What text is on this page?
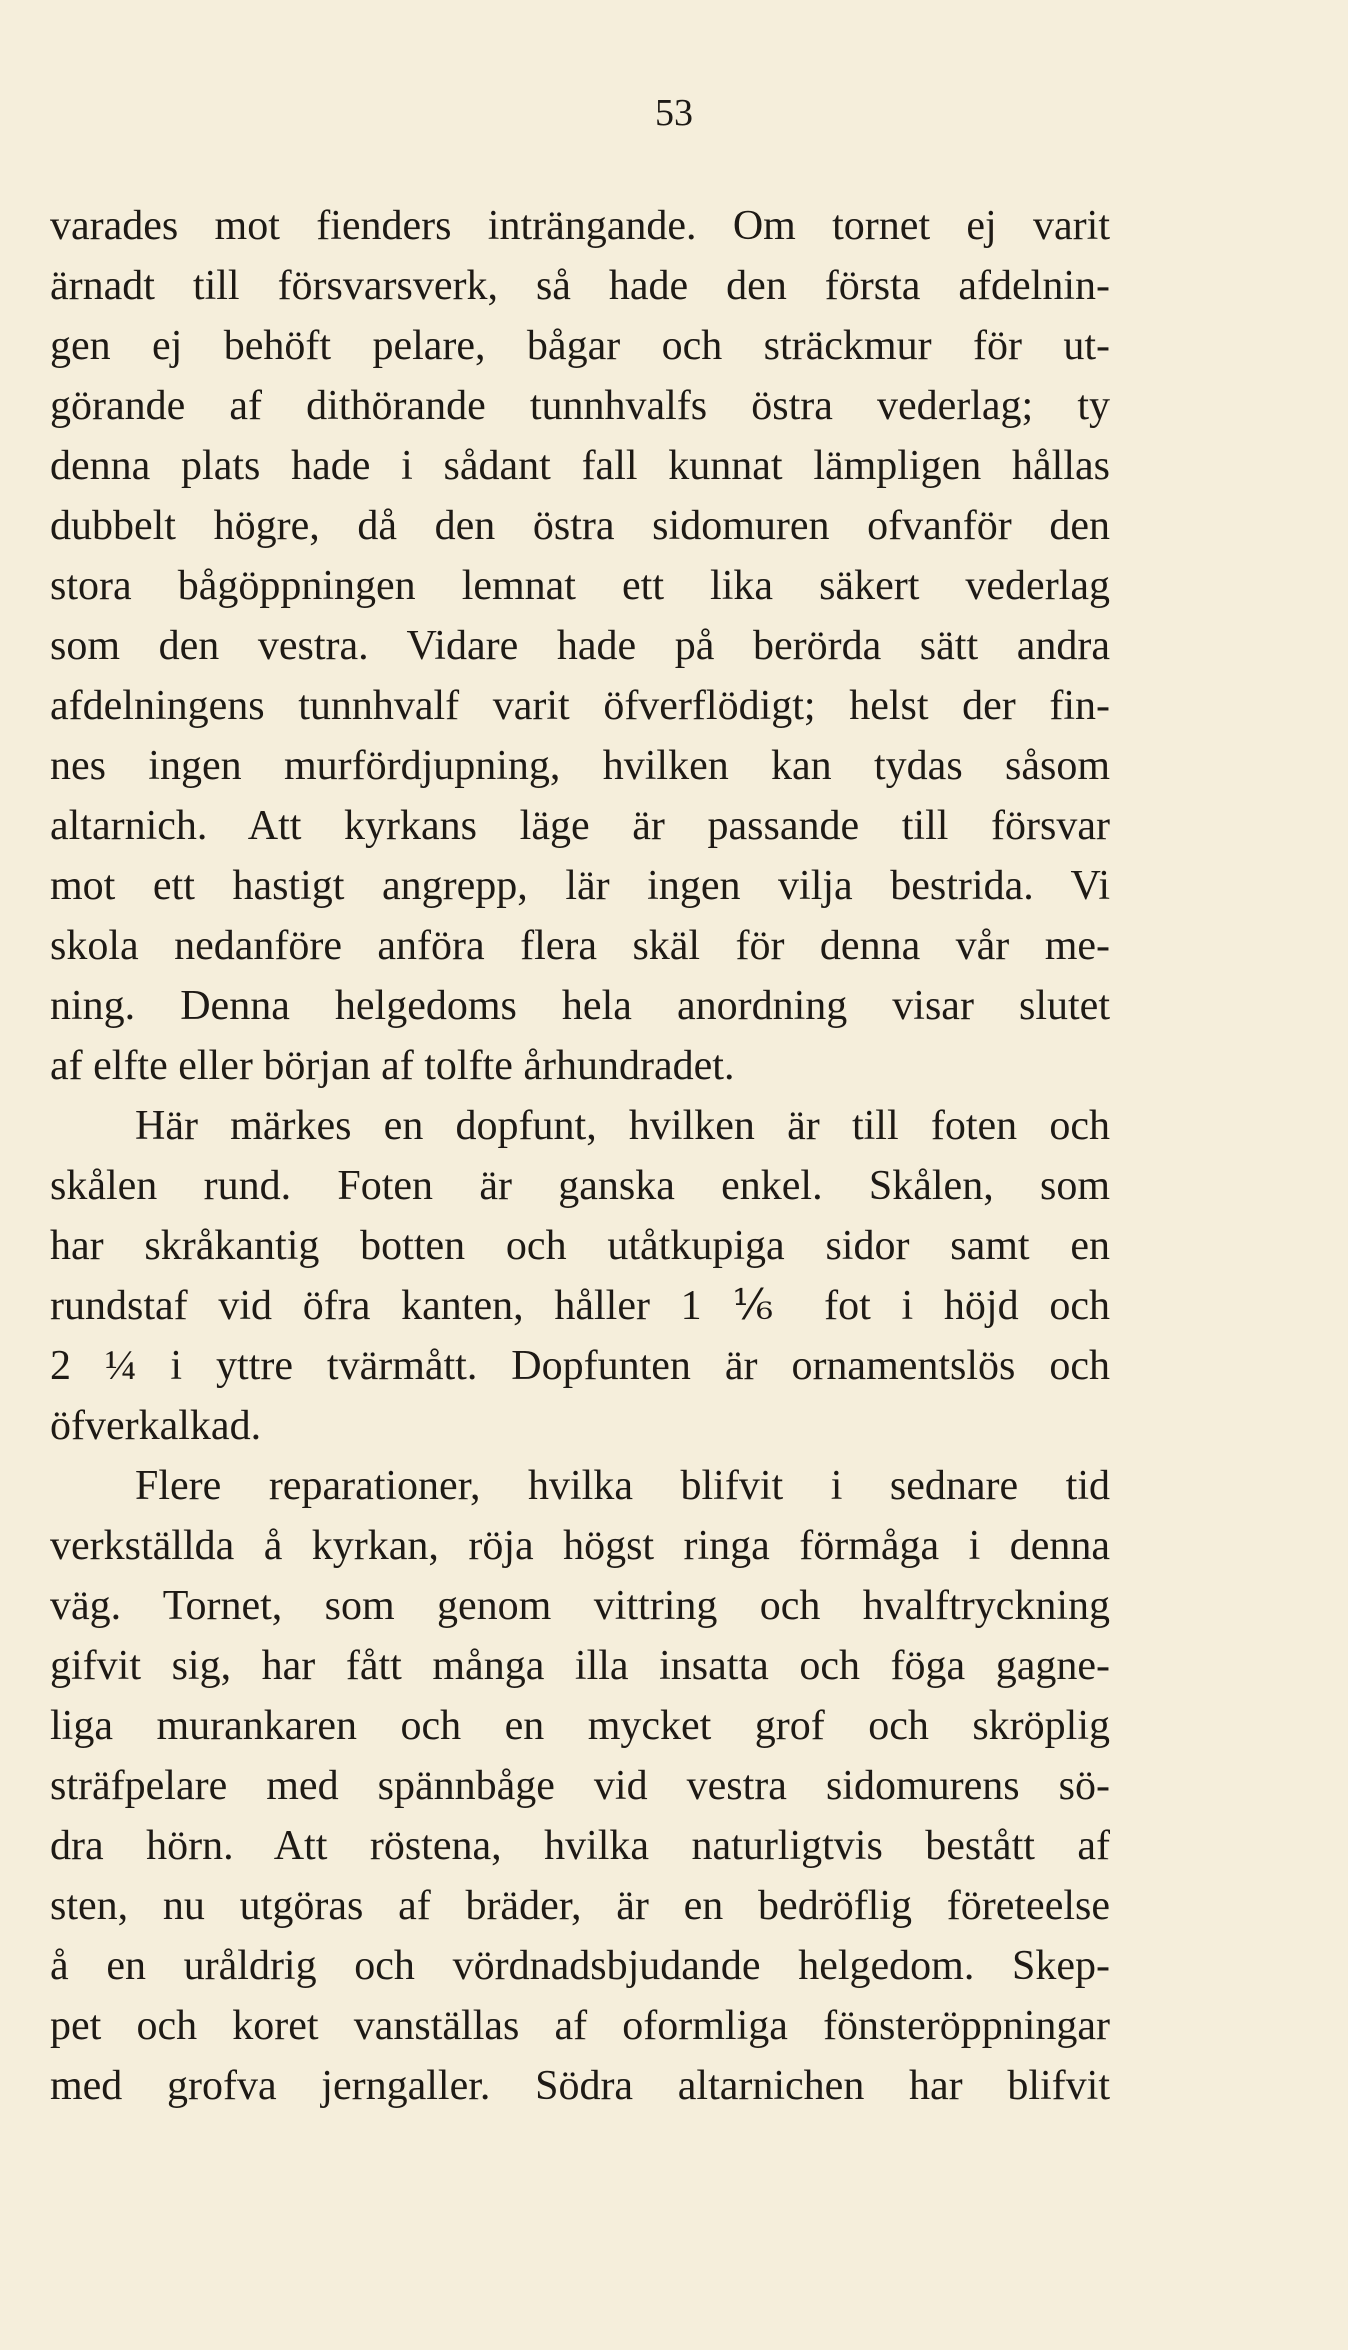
53
varades mot fienders inträngande. Om tornet ej varit
ärnadt till försvarsverk, så hade den första afdelnin-
gen ej behöft pelare, bågar och sträckmur för ut-
görande af dithörande tunnhvalfs östra vederlag; ty
denna plats hade i sådant fall kunnat lämpligen hållas
dubbelt högre, då den östra sidomuren ofvanför den
stora bågöppningen lemnat ett lika säkert vederlag
som den vestra. Vidare hade på berörda sätt andra
afdelningens tunnhvalf varit öfverflödigt; helst der fin-
nes ingen murfördjupning, hvilken kan tydas såsom
altarnich. Att kyrkans läge är passande till försvar
mot ett hastigt angrepp, lär ingen vilja bestrida. Vi
skola nedanföre anföra flera skäl för denna vår me-
ning. Denna helgedoms hela anordning visar slutet
af elfte eller början af tolfte århundradet.
Här märkes en dopfunt, hvilken är till foten och
skålen rund. Foten är ganska enkel. Skålen, som
har skråkantig botten och utåtkupiga sidor samt en
rundstaf vid öfra kanten, håller 1 ⅙ fot i höjd och
2 ¼ i yttre tvärmått. Dopfunten är ornamentslös och
öfverkalkad.
Flere reparationer, hvilka blifvit i sednare tid
verkställda å kyrkan, röja högst ringa förmåga i denna
väg. Tornet, som genom vittring och hvalftryckning
gifvit sig, har fått många illa insatta och föga gagne-
liga murankaren och en mycket grof och skröplig
sträfpelare med spännbåge vid vestra sidomurens sö-
dra hörn. Att röstena, hvilka naturligtvis bestått af
sten, nu utgöras af bräder, är en bedröflig företeelse
å en uråldrig och vördnadsbjudande helgedom. Skep-
pet och koret vanställas af oformliga fönsteröppningar
med grofva jerngaller. Södra altarnichen har blifvit
